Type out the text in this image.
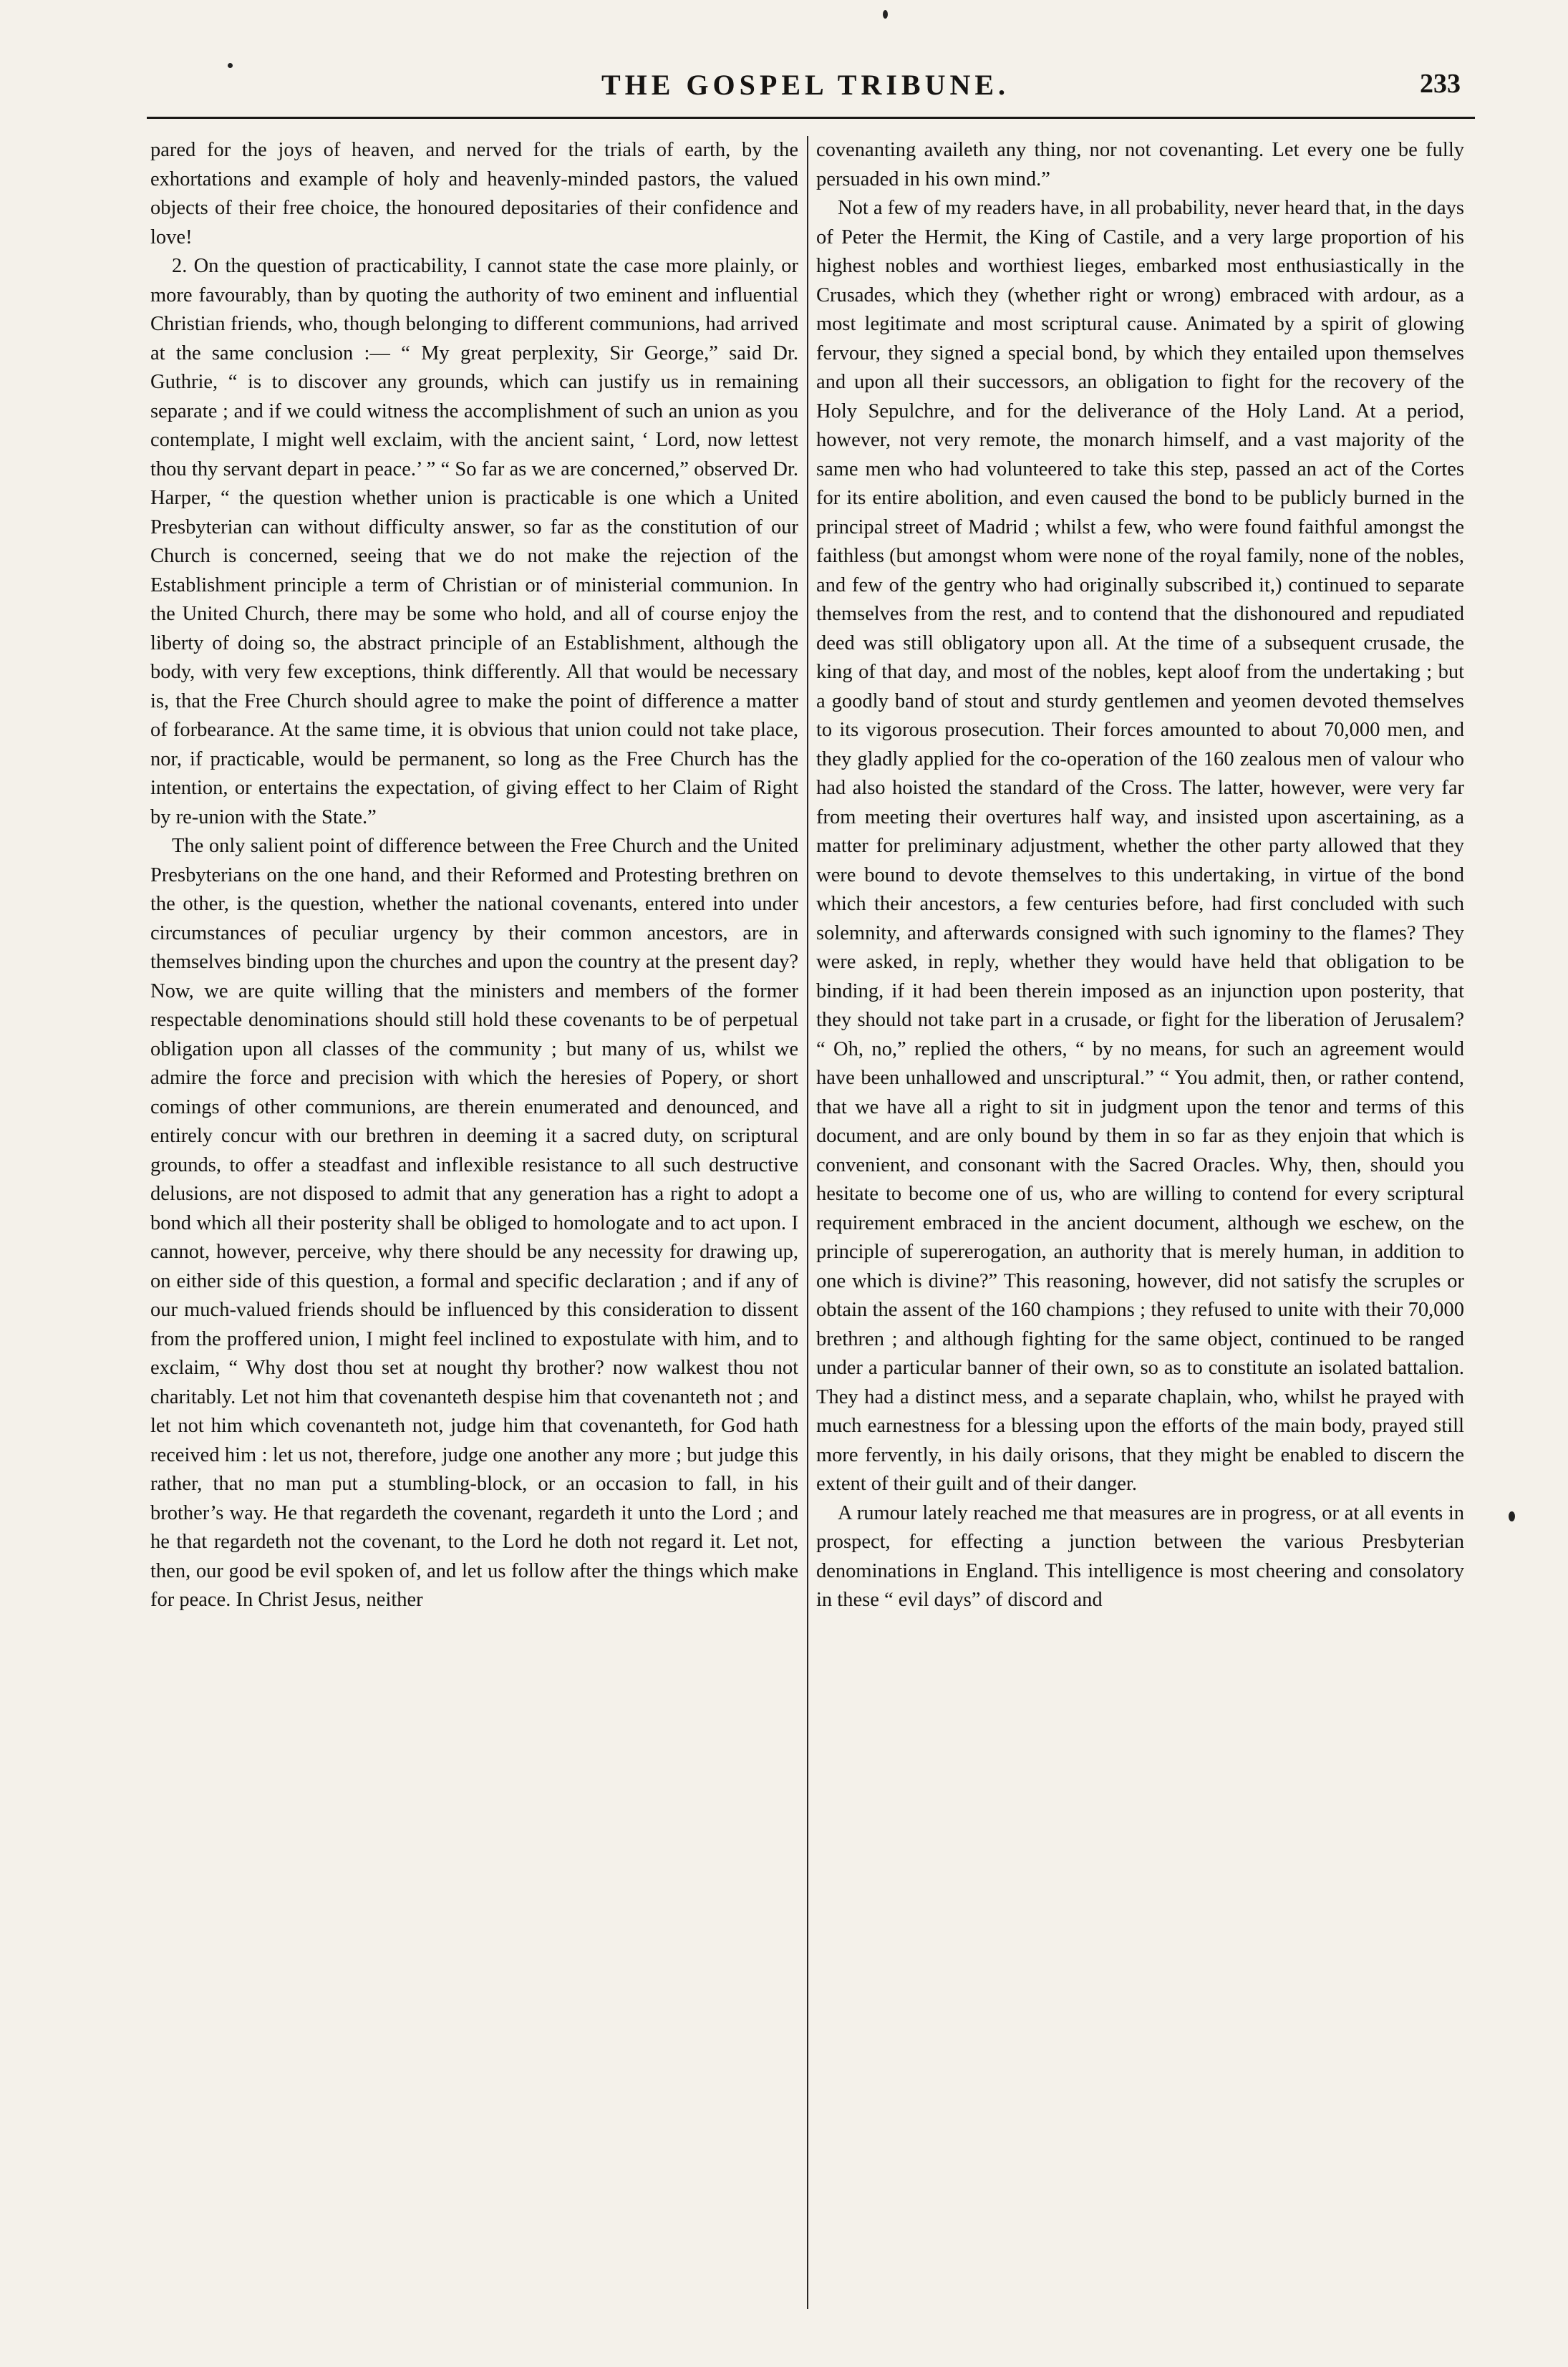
THE GOSPEL TRIBUNE.	233

pared for the joys of heaven, and nerved for the trials of earth, by the exhortations and example of holy and heavenly-minded pastors, the valued objects of their free choice, the honoured depositaries of their confidence and love!

2. On the question of practicability, I cannot state the case more plainly, or more favourably, than by quoting the authority of two eminent and influential Christian friends, who, though belonging to different communions, had arrived at the same conclusion :— “ My great perplexity, Sir George,” said Dr. Guthrie, “ is to discover any grounds, which can justify us in remaining separate ; and if we could witness the accomplishment of such an union as you contemplate, I might well exclaim, with the ancient saint, ‘ Lord, now lettest thou thy servant depart in peace.’ ” “ So far as we are concerned,” observed Dr. Harper, “ the question whether union is practicable is one which a United Presbyterian can without difficulty answer, so far as the constitution of our Church is concerned, seeing that we do not make the rejection of the Establishment principle a term of Christian or of ministerial communion. In the United Church, there may be some who hold, and all of course enjoy the liberty of doing so, the abstract principle of an Establishment, although the body, with very few exceptions, think differently. All that would be necessary is, that the Free Church should agree to make the point of difference a matter of forbearance. At the same time, it is obvious that union could not take place, nor, if practicable, would be permanent, so long as the Free Church has the intention, or entertains the expectation, of giving effect to her Claim of Right by re-union with the State.”

The only salient point of difference between the Free Church and the United Presbyterians on the one hand, and their Reformed and Protesting brethren on the other, is the question, whether the national covenants, entered into under circumstances of peculiar urgency by their common ancestors, are in themselves binding upon the churches and upon the country at the present day? Now, we are quite willing that the ministers and members of the former respectable denominations should still hold these covenants to be of perpetual obligation upon all classes of the community ; but many of us, whilst we admire the force and precision with which the heresies of Popery, or short comings of other communions, are therein enumerated and denounced, and entirely concur with our brethren in deeming it a sacred duty, on scriptural grounds, to offer a steadfast and inflexible resistance to all such destructive delusions, are not disposed to admit that any generation has a right to adopt a bond which all their posterity shall be obliged to homologate and to act upon. I cannot, however, perceive, why there should be any necessity for drawing up, on either side of this question, a formal and specific declaration ; and if any of our much-valued friends should be influenced by this consideration to dissent from the proffered union, I might feel inclined to expostulate with him, and to exclaim, “ Why dost thou set at nought thy brother? now walkest thou not charitably. Let not him that covenanteth despise him that covenanteth not ; and let not him which covenanteth not, judge him that covenanteth, for God hath received him : let us not, therefore, judge one another any more ; but judge this rather, that no man put a stumbling-block, or an occasion to fall, in his brother’s way. He that regardeth the covenant, regardeth it unto the Lord ; and he that regardeth not the covenant, to the Lord he doth not regard it. Let not, then, our good be evil spoken of, and let us follow after the things which make for peace. In Christ Jesus, neither

covenanting availeth any thing, nor not covenanting. Let every one be fully persuaded in his own mind.”

Not a few of my readers have, in all probability, never heard that, in the days of Peter the Hermit, the King of Castile, and a very large proportion of his highest nobles and worthiest lieges, embarked most enthusiastically in the Crusades, which they (whether right or wrong) embraced with ardour, as a most legitimate and most scriptural cause. Animated by a spirit of glowing fervour, they signed a special bond, by which they entailed upon themselves and upon all their successors, an obligation to fight for the recovery of the Holy Sepulchre, and for the deliverance of the Holy Land. At a period, however, not very remote, the monarch himself, and a vast majority of the same men who had volunteered to take this step, passed an act of the Cortes for its entire abolition, and even caused the bond to be publicly burned in the principal street of Madrid ; whilst a few, who were found faithful amongst the faithless (but amongst whom were none of the royal family, none of the nobles, and few of the gentry who had originally subscribed it,) continued to separate themselves from the rest, and to contend that the dishonoured and repudiated deed was still obligatory upon all. At the time of a subsequent crusade, the king of that day, and most of the nobles, kept aloof from the undertaking ; but a goodly band of stout and sturdy gentlemen and yeomen devoted themselves to its vigorous prosecution. Their forces amounted to about 70,000 men, and they gladly applied for the co-operation of the 160 zealous men of valour who had also hoisted the standard of the Cross. The latter, however, were very far from meeting their overtures half way, and insisted upon ascertaining, as a matter for preliminary adjustment, whether the other party allowed that they were bound to devote themselves to this undertaking, in virtue of the bond which their ancestors, a few centuries before, had first concluded with such solemnity, and afterwards consigned with such ignominy to the flames? They were asked, in reply, whether they would have held that obligation to be binding, if it had been therein imposed as an injunction upon posterity, that they should not take part in a crusade, or fight for the liberation of Jerusalem? “ Oh, no,” replied the others, “ by no means, for such an agreement would have been unhallowed and unscriptural.” “ You admit, then, or rather contend, that we have all a right to sit in judgment upon the tenor and terms of this document, and are only bound by them in so far as they enjoin that which is convenient, and consonant with the Sacred Oracles. Why, then, should you hesitate to become one of us, who are willing to contend for every scriptural requirement embraced in the ancient document, although we eschew, on the principle of supererogation, an authority that is merely human, in addition to one which is divine?” This reasoning, however, did not satisfy the scruples or obtain the assent of the 160 champions ; they refused to unite with their 70,000 brethren ; and although fighting for the same object, continued to be ranged under a particular banner of their own, so as to constitute an isolated battalion. They had a distinct mess, and a separate chaplain, who, whilst he prayed with much earnestness for a blessing upon the efforts of the main body, prayed still more fervently, in his daily orisons, that they might be enabled to discern the extent of their guilt and of their danger.

A rumour lately reached me that measures are in progress, or at all events in prospect, for effecting a junction between the various Presbyterian denominations in England. This intelligence is most cheering and consolatory in these “ evil days” of discord and
